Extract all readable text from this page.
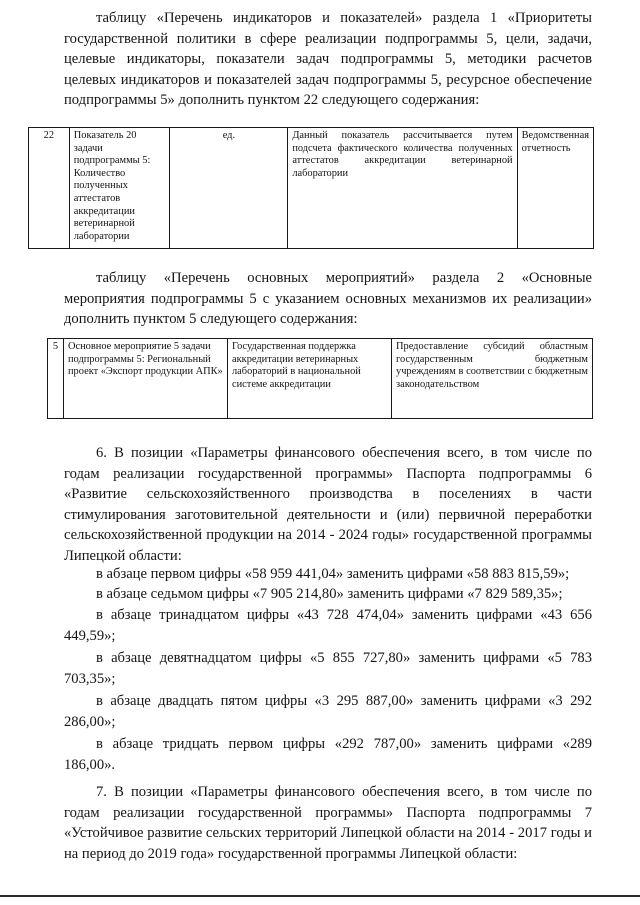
таблицу «Перечень индикаторов и показателей» раздела 1 «Приоритеты государственной политики в сфере реализации подпрограммы 5, цели, задачи, целевые индикаторы, показатели задач подпрограммы 5, методики расчетов целевых индикаторов и показателей задач подпрограммы 5, ресурсное обеспечение подпрограммы 5» дополнить пунктом 22 следующего содержания:

22	Показатель 20 задачи подпрограммы 5: Количество полученных аттестатов аккредитации ветеринарной лаборатории	ед.	Данный показатель рассчитывается путем подсчета фактического количества полученных аттестатов аккредитации ветеринарной лаборатории	Ведомственная отчетность

таблицу «Перечень основных мероприятий» раздела 2 «Основные мероприятия подпрограммы 5 с указанием основных механизмов их реализации» дополнить пунктом 5 следующего содержания:

5	Основное мероприятие 5 задачи подпрограммы 5: Региональный проект «Экспорт продукции АПК»	Государственная поддержка аккредитации ветеринарных лабораторий в национальной системе аккредитации	Предоставление субсидий областным государственным бюджетным учреждениям в соответствии с бюджетным законодательством

6. В позиции «Параметры финансового обеспечения всего, в том числе по годам реализации государственной программы» Паспорта подпрограммы 6 «Развитие сельскохозяйственного производства в поселениях в части стимулирования заготовительной деятельности и (или) первичной переработки сельскохозяйственной продукции на 2014 - 2024 годы» государственной программы Липецкой области:

в абзаце первом цифры «58 959 441,04» заменить цифрами «58 883 815,59»;

в абзаце седьмом цифры «7 905 214,80» заменить цифрами «7 829 589,35»;

в абзаце тринадцатом цифры «43 728 474,04» заменить цифрами «43 656 449,59»;

в абзаце девятнадцатом цифры «5 855 727,80» заменить цифрами «5 783 703,35»;

в абзаце двадцать пятом цифры «3 295 887,00» заменить цифрами «3 292 286,00»;

в абзаце тридцать первом цифры «292 787,00» заменить цифрами «289 186,00».

7. В позиции «Параметры финансового обеспечения всего, в том числе по годам реализации государственной программы» Паспорта подпрограммы 7 «Устойчивое развитие сельских территорий Липецкой области на 2014 - 2017 годы и на период до 2019 года» государственной программы Липецкой области:
